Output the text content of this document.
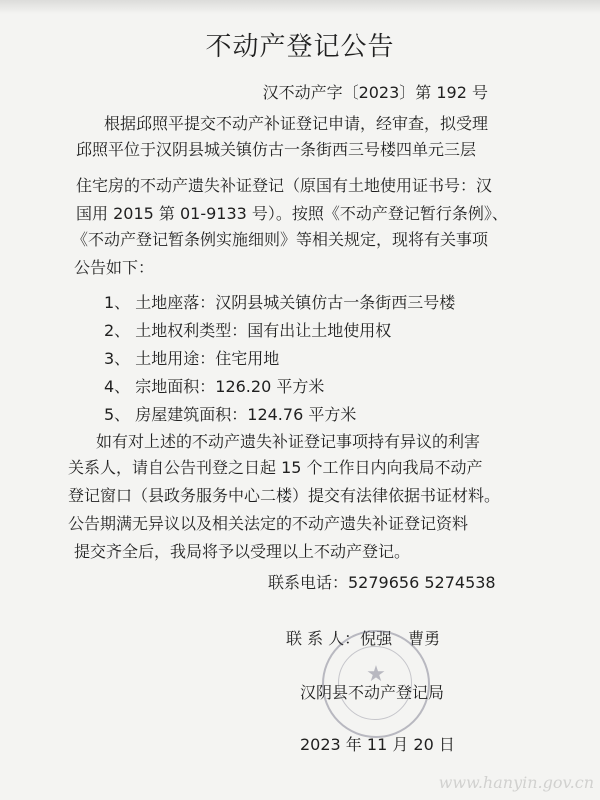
不动产登记公告
汉不动产字〔2023〕第 192 号
根据邱照平提交不动产补证登记申请，经审查，拟受理
邱照平位于汉阴县城关镇仿古一条街西三号楼四单元三层
住宅房的不动产遗失补证登记（原国有土地使用证书号：汉
国用 2015 第 01-9133 号）。按照《不动产登记暂行条例》、
《不动产登记暂条例实施细则》等相关规定，现将有关事项
公告如下：
1、 土地座落：汉阴县城关镇仿古一条街西三号楼
2、 土地权利类型：国有出让土地使用权
3、 土地用途：住宅用地
4、 宗地面积：126.20 平方米
5、 房屋建筑面积：124.76 平方米
如有对上述的不动产遗失补证登记事项持有异议的利害
关系人，请自公告刊登之日起 15 个工作日内向我局不动产
登记窗口（县政务服务中心二楼）提交有法律依据书证材料。
公告期满无异议以及相关法定的不动产遗失补证登记资料
提交齐全后，我局将予以受理以上不动产登记。
联系电话：5279656 5274538
联 系 人：倪强　曹勇
★
汉阴县不动产登记局
2023 年 11 月 20 日
www.hanyin.gov.cn
